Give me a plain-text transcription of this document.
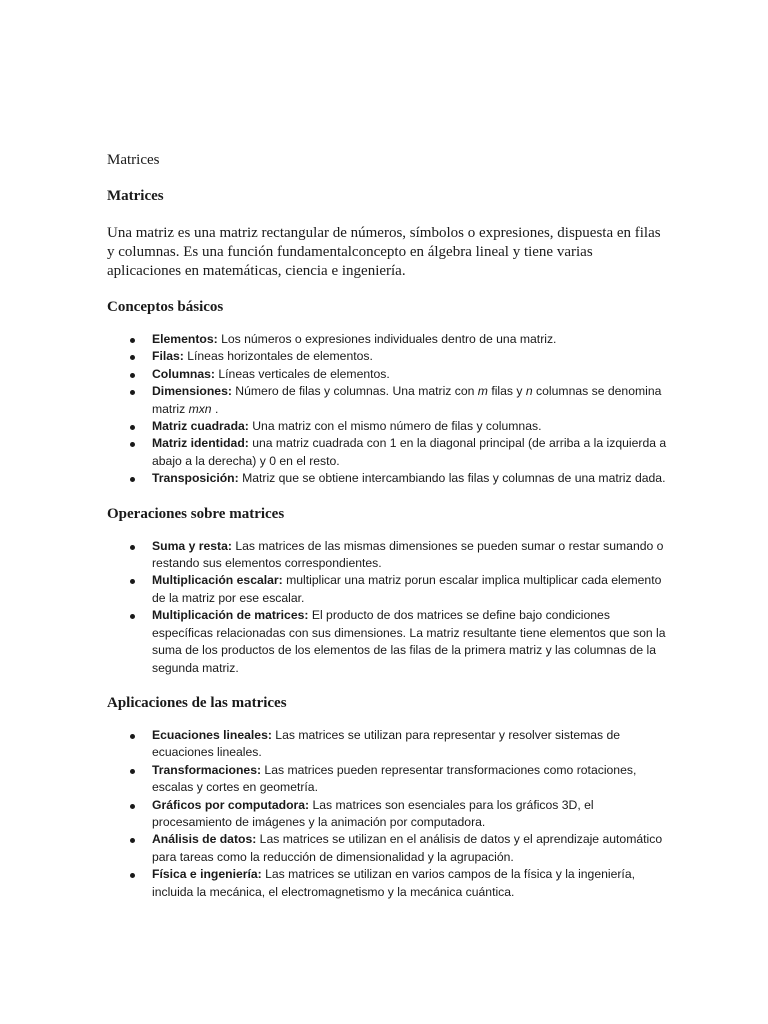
Matrices

Matrices

Una matriz es una matriz rectangular de números, símbolos o expresiones, dispuesta en filas y columnas. Es una función fundamentalconcepto en álgebra lineal y tiene varias aplicaciones en matemáticas, ciencia e ingeniería.

Conceptos básicos
Elementos: Los números o expresiones individuales dentro de una matriz.
Filas: Líneas horizontales de elementos.
Columnas: Líneas verticales de elementos.
Dimensiones: Número de filas y columnas. Una matriz con m filas y n columnas se denomina matriz mxn .
Matriz cuadrada: Una matriz con el mismo número de filas y columnas.
Matriz identidad: una matriz cuadrada con 1 en la diagonal principal (de arriba a la izquierda a abajo a la derecha) y 0 en el resto.
Transposición: Matriz que se obtiene intercambiando las filas y columnas de una matriz dada.
Operaciones sobre matrices
Suma y resta: Las matrices de las mismas dimensiones se pueden sumar o restar sumando o restando sus elementos correspondientes.
Multiplicación escalar: multiplicar una matriz porun escalar implica multiplicar cada elemento de la matriz por ese escalar.
Multiplicación de matrices: El producto de dos matrices se define bajo condiciones específicas relacionadas con sus dimensiones. La matriz resultante tiene elementos que son la suma de los productos de los elementos de las filas de la primera matriz y las columnas de la segunda matriz.
Aplicaciones de las matrices
Ecuaciones lineales: Las matrices se utilizan para representar y resolver sistemas de ecuaciones lineales.
Transformaciones: Las matrices pueden representar transformaciones como rotaciones, escalas y cortes en geometría.
Gráficos por computadora: Las matrices son esenciales para los gráficos 3D, el procesamiento de imágenes y la animación por computadora.
Análisis de datos: Las matrices se utilizan en el análisis de datos y el aprendizaje automático para tareas como la reducción de dimensionalidad y la agrupación.
Física e ingeniería: Las matrices se utilizan en varios campos de la física y la ingeniería, incluida la mecánica, el electromagnetismo y la mecánica cuántica.
